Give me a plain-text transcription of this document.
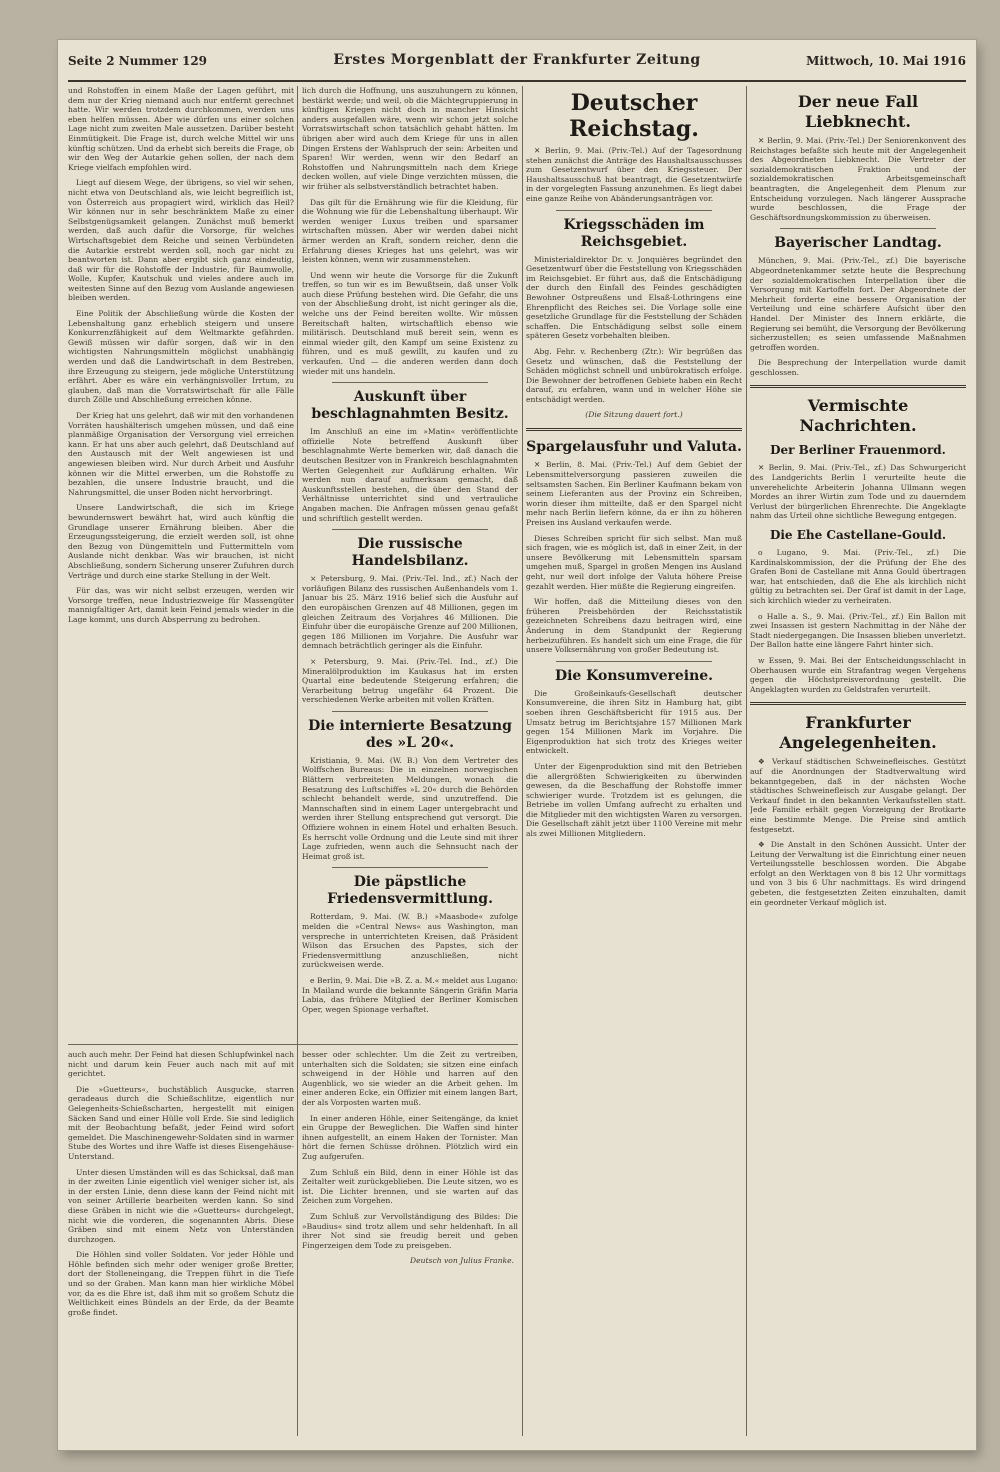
Seite 2 Nummer 129	Erstes Morgenblatt der Frankfurter Zeitung	Mittwoch, 10. Mai 1916

und Rohstoffen in einem Maße der Lagen geführt, mit dem nur der Krieg niemand auch nur entfernt gerechnet hatte. Wir werden trotzdem durchkommen, werden uns eben helfen müssen. Aber wie dürfen uns einer solchen Lage nicht zum zweiten Male aussetzen. Darüber besteht Einmütigkeit. Die Frage ist, durch welche Mittel wir uns künftig schützen. Und da erhebt sich bereits die Frage, ob wir den Weg der Autarkie gehen sollen, der nach dem Kriege vielfach empfohlen wird.

Liegt auf diesem Wege, der übrigens, so viel wir sehen, nicht etwa von Deutschland als, wie leicht begreiflich ist, von Österreich aus propagiert wird, wirklich das Heil? Wir können nur in sehr beschränktem Maße zu einer Selbstgenügsamkeit gelangen. Zunächst muß bemerkt werden, daß auch dafür die Vorsorge, für welches Wirtschaftsgebiet dem Reiche und seinen Verbündeten die Autarkie erstrebt werden soll, noch gar nicht zu beantworten ist. Dann aber ergibt sich ganz eindeutig, daß wir für die Rohstoffe der Industrie, für Baumwolle, Wolle, Kupfer, Kautschuk und vieles andere auch im weitesten Sinne auf den Bezug vom Auslande angewiesen bleiben werden.

Eine Politik der Abschließung würde die Kosten der Lebenshaltung ganz erheblich steigern und unsere Konkurrenzfähigkeit auf dem Weltmarkte gefährden. Gewiß müssen wir dafür sorgen, daß wir in den wichtigsten Nahrungsmitteln möglichst unabhängig werden und daß die Landwirtschaft in dem Bestreben, ihre Erzeugung zu steigern, jede mögliche Unterstützung erfährt. Aber es wäre ein verhängnisvoller Irrtum, zu glauben, daß man die Vorratswirtschaft für alle Fälle durch Zölle und Abschließung erreichen könne.

Der Krieg hat uns gelehrt, daß wir mit den vorhandenen Vorräten haushälterisch umgehen müssen, und daß eine planmäßige Organisation der Versorgung viel erreichen kann. Er hat uns aber auch gelehrt, daß Deutschland auf den Austausch mit der Welt angewiesen ist und angewiesen bleiben wird. Nur durch Arbeit und Ausfuhr können wir die Mittel erwerben, um die Rohstoffe zu bezahlen, die unsere Industrie braucht, und die Nahrungsmittel, die unser Boden nicht hervorbringt.

Unsere Landwirtschaft, die sich im Kriege bewundernswert bewährt hat, wird auch künftig die Grundlage unserer Ernährung bleiben. Aber die Erzeugungssteigerung, die erzielt werden soll, ist ohne den Bezug von Düngemitteln und Futtermitteln vom Auslande nicht denkbar. Was wir brauchen, ist nicht Abschließung, sondern Sicherung unserer Zufuhren durch Verträge und durch eine starke Stellung in der Welt.

Für das, was wir nicht selbst erzeugen, werden wir Vorsorge treffen, neue Industriezweige für Massengüter mannigfaltiger Art, damit kein Feind jemals wieder in die Lage kommt, uns durch Absperrung zu bedrohen.

auch auch mehr. Der Feind hat diesen Schlupfwinkel nach nicht und darum kein Feuer auch nach mit auf mit gerichtet.

Die »Guetteurs«, buchstäblich Ausgucke, starren geradeaus durch die Schießschlitze, eigentlich nur Gelegenheits-Schießscharten, hergestellt mit einigen Säcken Sand und einer Hülle voll Erde. Sie sind lediglich mit der Beobachtung befaßt, jeder Feind wird sofort gemeldet. Die Maschinengewehr-Soldaten sind in warmer Stube des Wortes und ihre Waffe ist dieses Eisengehäuse-Unterstand.

Unter diesen Umständen will es das Schicksal, daß man in der zweiten Linie eigentlich viel weniger sicher ist, als in der ersten Linie, denn diese kann der Feind nicht mit von seiner Artillerie bearbeiten werden kann. So sind diese Gräben in nicht wie die »Guetteurs« durchgelegt, nicht wie die vorderen, die sogenannten Abris. Diese Gräben sind mit einem Netz von Unterständen durchzogen.

Die Höhlen sind voller Soldaten. Vor jeder Höhle und Höhle befinden sich mehr oder weniger große Bretter, dort der Stolleneingang, die Treppen führt in die Tiefe und so der Graben. Man kann man hier wirkliche Möbel vor, da es die Ehre ist, daß ihm mit so großem Schutz die Weltlichkeit eines Bündels an der Erde, da der Beamte große findet.

lich durch die Hoffnung, uns auszuhungern zu können, bestärkt werde; und weil, ob die Mächtegruppierung in künftigen Kriegen nicht doch in mancher Hinsicht anders ausgefallen wäre, wenn wir schon jetzt solche Vorratswirtschaft schon tatsächlich gehabt hätten. Im übrigen aber wird auch dem Kriege für uns in allen Dingen Erstens der Wahlspruch der sein: Arbeiten und Sparen! Wir werden, wenn wir den Bedarf an Rohstoffen und Nahrungsmitteln nach dem Kriege decken wollen, auf viele Dinge verzichten müssen, die wir früher als selbstverständlich betrachtet haben.

Das gilt für die Ernährung wie für die Kleidung, für die Wohnung wie für die Lebenshaltung überhaupt. Wir werden weniger Luxus treiben und sparsamer wirtschaften müssen. Aber wir werden dabei nicht ärmer werden an Kraft, sondern reicher, denn die Erfahrung dieses Krieges hat uns gelehrt, was wir leisten können, wenn wir zusammenstehen.

Und wenn wir heute die Vorsorge für die Zukunft treffen, so tun wir es im Bewußtsein, daß unser Volk auch diese Prüfung bestehen wird. Die Gefahr, die uns von der Abschließung droht, ist nicht geringer als die, welche uns der Feind bereiten wollte. Wir müssen Bereitschaft halten, wirtschaftlich ebenso wie militärisch. Deutschland muß bereit sein, wenn es einmal wieder gilt, den Kampf um seine Existenz zu führen, und es muß gewillt, zu kaufen und zu verkaufen. Und — die anderen werden dann doch wieder mit uns handeln.

Auskunft über beschlagnahmten Besitz.

Im Anschluß an eine im »Matin« veröffentlichte offizielle Note betreffend Auskunft über beschlagnahmte Werte bemerken wir, daß danach die deutschen Besitzer von in Frankreich beschlagnahmten Werten Gelegenheit zur Aufklärung erhalten. Wir werden nun darauf aufmerksam gemacht, daß Auskunftsstellen bestehen, die über den Stand der Verhältnisse unterrichtet sind und vertrauliche Angaben machen. Die Anfragen müssen genau gefaßt und schriftlich gestellt werden.

Die russische Handelsbilanz.

× Petersburg, 9. Mai. (Priv.-Tel. Ind., zf.) Nach der vorläufigen Bilanz des russischen Außenhandels vom 1. Januar bis 25. März 1916 belief sich die Ausfuhr auf den europäischen Grenzen auf 48 Millionen, gegen im gleichen Zeitraum des Vorjahres 46 Millionen. Die Einfuhr über die europäische Grenze auf 200 Millionen, gegen 186 Millionen im Vorjahre. Die Ausfuhr war demnach beträchtlich geringer als die Einfuhr.

× Petersburg, 9. Mai. (Priv.-Tel. Ind., zf.) Die Mineralölproduktion im Kaukasus hat im ersten Quartal eine bedeutende Steigerung erfahren; die Verarbeitung betrug ungefähr 64 Prozent. Die verschiedenen Werke arbeiten mit vollen Kräften.

Die internierte Besatzung des »L 20«.

Kristiania, 9. Mai. (W. B.) Von dem Vertreter des Wolffschen Bureaus: Die in einzelnen norwegischen Blättern verbreiteten Meldungen, wonach die Besatzung des Luftschiffes »L 20« durch die Behörden schlecht behandelt werde, sind unzutreffend. Die Mannschaften sind in einem Lager untergebracht und werden ihrer Stellung entsprechend gut versorgt. Die Offiziere wohnen in einem Hotel und erhalten Besuch. Es herrscht volle Ordnung und die Leute sind mit ihrer Lage zufrieden, wenn auch die Sehnsucht nach der Heimat groß ist.

Die päpstliche Friedensvermittlung.

Rotterdam, 9. Mai. (W. B.) »Maasbode« zufolge melden die »Central News« aus Washington, man verspreche in unterrichteten Kreisen, daß Präsident Wilson das Ersuchen des Papstes, sich der Friedensvermittlung anzuschließen, nicht zurückweisen werde.

e Berlin, 9. Mai. Die »B. Z. a. M.« meldet aus Lugano: In Mailand wurde die bekannte Sängerin Gräfin Maria Labia, das frühere Mitglied der Berliner Komischen Oper, wegen Spionage verhaftet.

besser oder schlechter. Um die Zeit zu vertreiben, unterhalten sich die Soldaten; sie sitzen eine einfach schweigend in der Höhle und harren auf den Augenblick, wo sie wieder an die Arbeit gehen. Im einer anderen Ecke, ein Offizier mit einem langen Bart, der als Vorposten warten muß.

In einer anderen Höhle, einer Seitengänge, da kniet ein Gruppe der Beweglichen. Die Waffen sind hinter ihnen aufgestellt, an einem Haken der Tornister. Man hört die fernen Schüsse dröhnen. Plötzlich wird ein Zug aufgerufen.

Zum Schluß ein Bild, denn in einer Höhle ist das Zeitalter weit zurückgeblieben. Die Leute sitzen, wo es ist. Die Lichter brennen, und sie warten auf das Zeichen zum Vorgehen.

Zum Schluß zur Vervollständigung des Bildes: Die »Baudius« sind trotz allem und sehr heldenhaft. In all ihrer Not sind sie freudig bereit und geben Fingerzeigen dem Tode zu preisgeben.

Deutsch von Julius Franke.
Deutscher Reichstag.

✕ Berlin, 9. Mai. (Priv.-Tel.) Auf der Tagesordnung stehen zunächst die Anträge des Haushaltsausschusses zum Gesetzentwurf über den Kriegssteuer. Der Haushaltsausschuß hat beantragt, die Gesetzentwürfe in der vorgelegten Fassung anzunehmen. Es liegt dabei eine ganze Reihe von Abänderungsanträgen vor.

Kriegsschäden im Reichsgebiet.

Ministerialdirektor Dr. v. Jonquières begründet den Gesetzentwurf über die Feststellung von Kriegsschäden im Reichsgebiet. Er führt aus, daß die Entschädigung der durch den Einfall des Feindes geschädigten Bewohner Ostpreußens und Elsaß-Lothringens eine Ehrenpflicht des Reiches sei. Die Vorlage solle eine gesetzliche Grundlage für die Feststellung der Schäden schaffen. Die Entschädigung selbst solle einem späteren Gesetz vorbehalten bleiben.

Abg. Fehr. v. Rechenberg (Ztr.): Wir begrüßen das Gesetz und wünschen, daß die Feststellung der Schäden möglichst schnell und unbürokratisch erfolge. Die Bewohner der betroffenen Gebiete haben ein Recht darauf, zu erfahren, wann und in welcher Höhe sie entschädigt werden.

(Die Sitzung dauert fort.)
Spargelausfuhr und Valuta.

✕ Berlin, 8. Mai. (Priv.-Tel.) Auf dem Gebiet der Lebensmittelversorgung passieren zuweilen die seltsamsten Sachen. Ein Berliner Kaufmann bekam von seinem Lieferanten aus der Provinz ein Schreiben, worin dieser ihm mitteilte, daß er den Spargel nicht mehr nach Berlin liefern könne, da er ihn zu höheren Preisen ins Ausland verkaufen werde.

Dieses Schreiben spricht für sich selbst. Man muß sich fragen, wie es möglich ist, daß in einer Zeit, in der unsere Bevölkerung mit Lebensmitteln sparsam umgehen muß, Spargel in großen Mengen ins Ausland geht, nur weil dort infolge der Valuta höhere Preise gezahlt werden. Hier müßte die Regierung eingreifen.

Wir hoffen, daß die Mitteilung dieses von den früheren Preisbehörden der Reichsstatistik gezeichneten Schreibens dazu beitragen wird, eine Änderung in dem Standpunkt der Regierung herbeizuführen. Es handelt sich um eine Frage, die für unsere Volksernährung von großer Bedeutung ist.

Die Konsumvereine.

Die Großeinkaufs-Gesellschaft deutscher Konsumvereine, die ihren Sitz in Hamburg hat, gibt soeben ihren Geschäftsbericht für 1915 aus. Der Umsatz betrug im Berichtsjahre 157 Millionen Mark gegen 154 Millionen Mark im Vorjahre. Die Eigenproduktion hat sich trotz des Krieges weiter entwickelt.

Unter der Eigenproduktion sind mit den Betrieben die allergrößten Schwierigkeiten zu überwinden gewesen, da die Beschaffung der Rohstoffe immer schwieriger wurde. Trotzdem ist es gelungen, die Betriebe im vollen Umfang aufrecht zu erhalten und die Mitglieder mit den wichtigsten Waren zu versorgen. Die Gesellschaft zählt jetzt über 1100 Vereine mit mehr als zwei Millionen Mitgliedern.

Der neue Fall Liebknecht.

✕ Berlin, 9. Mai. (Priv.-Tel.) Der Seniorenkonvent des Reichstages befaßte sich heute mit der Angelegenheit des Abgeordneten Liebknecht. Die Vertreter der sozialdemokratischen Fraktion und der sozialdemokratischen Arbeitsgemeinschaft beantragten, die Angelegenheit dem Plenum zur Entscheidung vorzulegen. Nach längerer Aussprache wurde beschlossen, die Frage der Geschäftsordnungskommission zu überweisen.

Bayerischer Landtag.

München, 9. Mai. (Priv.-Tel., zf.) Die bayerische Abgeordnetenkammer setzte heute die Besprechung der sozialdemokratischen Interpellation über die Versorgung mit Kartoffeln fort. Der Abgeordnete der Mehrheit forderte eine bessere Organisation der Verteilung und eine schärfere Aufsicht über den Handel. Der Minister des Innern erklärte, die Regierung sei bemüht, die Versorgung der Bevölkerung sicherzustellen; es seien umfassende Maßnahmen getroffen worden.

Die Besprechung der Interpellation wurde damit geschlossen.

Vermischte Nachrichten.
Der Berliner Frauenmord.

✕ Berlin, 9. Mai. (Priv.-Tel., zf.) Das Schwurgericht des Landgerichts Berlin I verurteilte heute die unverehelichte Arbeiterin Johanna Ullmann wegen Mordes an ihrer Wirtin zum Tode und zu dauerndem Verlust der bürgerlichen Ehrenrechte. Die Angeklagte nahm das Urteil ohne sichtliche Bewegung entgegen.

Die Ehe Castellane-Gould.

o Lugano, 9. Mai. (Priv.-Tel., zf.) Die Kardinalskommission, der die Prüfung der Ehe des Grafen Boni de Castellane mit Anna Gould übertragen war, hat entschieden, daß die Ehe als kirchlich nicht gültig zu betrachten sei. Der Graf ist damit in der Lage, sich kirchlich wieder zu verheiraten.

o Halle a. S., 9. Mai. (Priv.-Tel., zf.) Ein Ballon mit zwei Insassen ist gestern Nachmittag in der Nähe der Stadt niedergegangen. Die Insassen blieben unverletzt. Der Ballon hatte eine längere Fahrt hinter sich.

w Essen, 9. Mai. Bei der Entscheidungsschlacht in Oberhausen wurde ein Strafantrag wegen Vergehens gegen die Höchstpreisverordnung gestellt. Die Angeklagten wurden zu Geldstrafen verurteilt.

Frankfurter Angelegenheiten.

❖ Verkauf städtischen Schweinefleisches. Gestützt auf die Anordnungen der Stadtverwaltung wird bekanntgegeben, daß in der nächsten Woche städtisches Schweinefleisch zur Ausgabe gelangt. Der Verkauf findet in den bekannten Verkaufsstellen statt. Jede Familie erhält gegen Vorzeigung der Brotkarte eine bestimmte Menge. Die Preise sind amtlich festgesetzt.

❖ Die Anstalt in den Schönen Aussicht. Unter der Leitung der Verwaltung ist die Einrichtung einer neuen Verteilungsstelle beschlossen worden. Die Abgabe erfolgt an den Werktagen von 8 bis 12 Uhr vormittags und von 3 bis 6 Uhr nachmittags. Es wird dringend gebeten, die festgesetzten Zeiten einzuhalten, damit ein geordneter Verkauf möglich ist.
